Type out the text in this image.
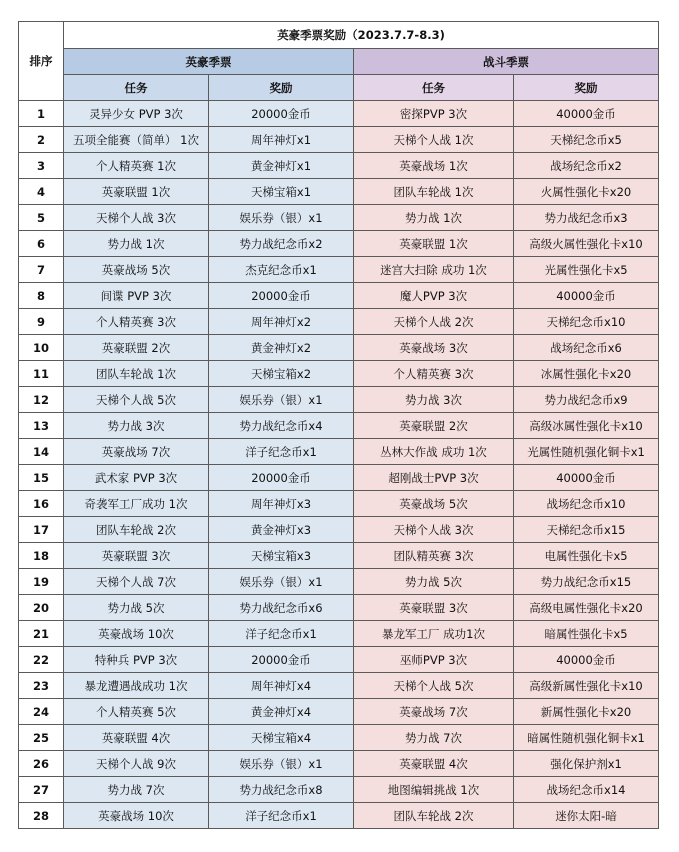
排序	英豪季票奖励（2023.7.7-8.3)			
	英豪季票		战斗季票	
	任务	奖励	任务	奖励
1	灵异少女 PVP 3次	20000金币	密探PVP 3次	40000金币
2	五项全能赛（简单） 1次	周年神灯x1	天梯个人战 1次	天梯纪念币x5
3	个人精英赛 1次	黄金神灯x1	英豪战场 1次	战场纪念币x2
4	英豪联盟 1次	天梯宝箱x1	团队车轮战 1次	火属性强化卡x20
5	天梯个人战 3次	娱乐券（银）x1	势力战 1次	势力战纪念币x3
6	势力战 1次	势力战纪念币x2	英豪联盟 1次	高级火属性强化卡x10
7	英豪战场 5次	杰克纪念币x1	迷宫大扫除 成功 1次	光属性强化卡x5
8	间谍 PVP 3次	20000金币	魔人PVP 3次	40000金币
9	个人精英赛 3次	周年神灯x2	天梯个人战 2次	天梯纪念币x10
10	英豪联盟 2次	黄金神灯x2	英豪战场 3次	战场纪念币x6
11	团队车轮战 1次	天梯宝箱x2	个人精英赛 3次	冰属性强化卡x20
12	天梯个人战 5次	娱乐券（银）x1	势力战 3次	势力战纪念币x9
13	势力战 3次	势力战纪念币x4	英豪联盟 2次	高级冰属性强化卡x10
14	英豪战场 7次	洋子纪念币x1	丛林大作战 成功 1次	光属性随机强化铜卡x1
15	武术家 PVP 3次	20000金币	超刚战士PVP 3次	40000金币
16	奇袭军工厂成功 1次	周年神灯x3	英豪战场 5次	战场纪念币x10
17	团队车轮战 2次	黄金神灯x3	天梯个人战 3次	天梯纪念币x15
18	英豪联盟 3次	天梯宝箱x3	团队精英赛 3次	电属性强化卡x5
19	天梯个人战 7次	娱乐券（银）x1	势力战 5次	势力战纪念币x15
20	势力战 5次	势力战纪念币x6	英豪联盟 3次	高级电属性强化卡x20
21	英豪战场 10次	洋子纪念币x1	暴龙军工厂 成功1次	暗属性强化卡x5
22	特种兵 PVP 3次	20000金币	巫师PVP 3次	40000金币
23	暴龙遭遇战成功 1次	周年神灯x4	天梯个人战 5次	高级新属性强化卡x10
24	个人精英赛 5次	黄金神灯x4	英豪战场 7次	新属性强化卡x20
25	英豪联盟 4次	天梯宝箱x4	势力战 7次	暗属性随机强化铜卡x1
26	天梯个人战 9次	娱乐券（银）x1	英豪联盟 4次	强化保护剂x1
27	势力战 7次	势力战纪念币x8	地图编辑挑战 1次	战场纪念币x14
28	英豪战场 10次	洋子纪念币x1	团队车轮战 2次	迷你太阳-暗
